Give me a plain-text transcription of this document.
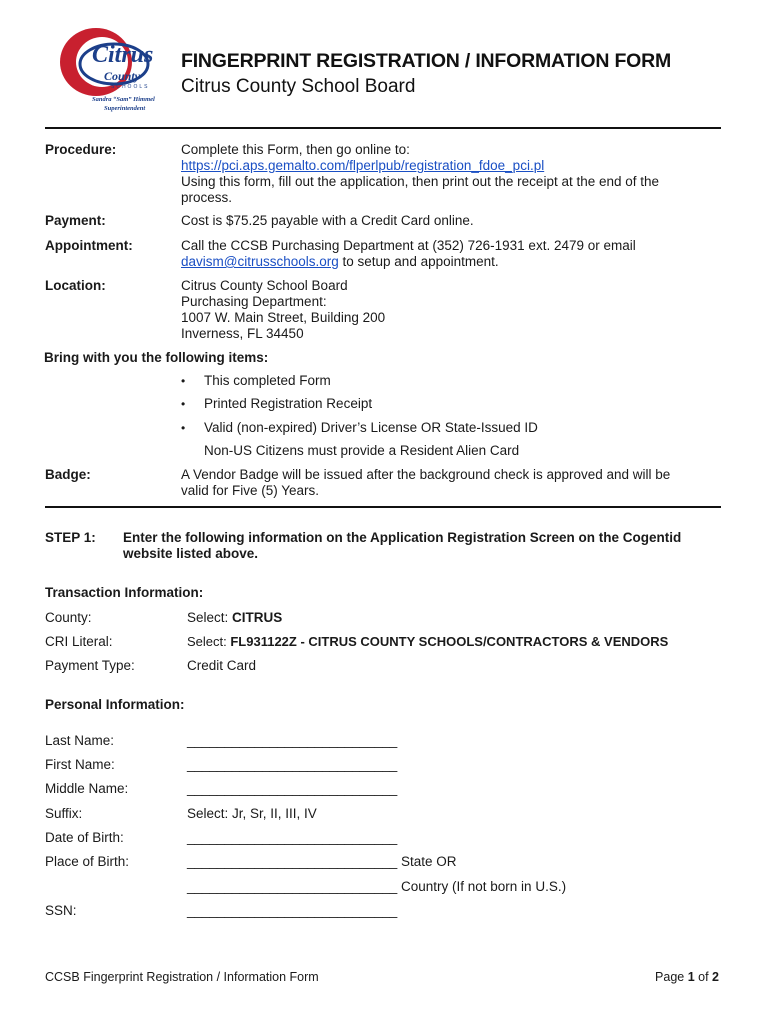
Citrus
County
SCHOOLS
Sandra “Sam” Himmel
Superintendent
FINGERPRINT REGISTRATION / INFORMATION FORM
Citrus County School Board
Procedure:	Complete this Form, then go online to:
https://pci.aps.gemalto.com/flperlpub/registration_fdoe_pci.pl
Using this form, fill out the application, then print out the receipt at the end of the
process.
Payment:	Cost is $75.25 payable with a Credit Card online.
Appointment:	Call the CCSB Purchasing Department at (352) 726-1931 ext. 2479 or email
davism@citrusschools.org to setup and appointment.
Location:	Citrus County School Board
Purchasing Department:
1007 W. Main Street, Building 200
Inverness, FL 34450
Bring with you the following items:
•	This completed Form
•	Printed Registration Receipt
•	Valid (non-expired) Driver’s License OR State-Issued ID
Non-US Citizens must provide a Resident Alien Card
Badge:	A Vendor Badge will be issued after the background check is approved and will be
valid for Five (5) Years.
STEP 1: Enter the following information on the Application Registration Screen on the Cogentid
website listed above.
Transaction Information:
County:	Select: CITRUS
CRI Literal:	Select: FL931122Z - CITRUS COUNTY SCHOOLS/CONTRACTORS & VENDORS
Payment Type:	Credit Card
Personal Information:
Last Name:	____________________________
First Name:	____________________________
Middle Name:	____________________________
Suffix:	Select: Jr, Sr, II, III, IV
Date of Birth:	____________________________
Place of Birth:	____________________________ State OR
____________________________ Country (If not born in U.S.)
SSN:	____________________________
CCSB Fingerprint Registration / Information Form	Page 1 of 2
